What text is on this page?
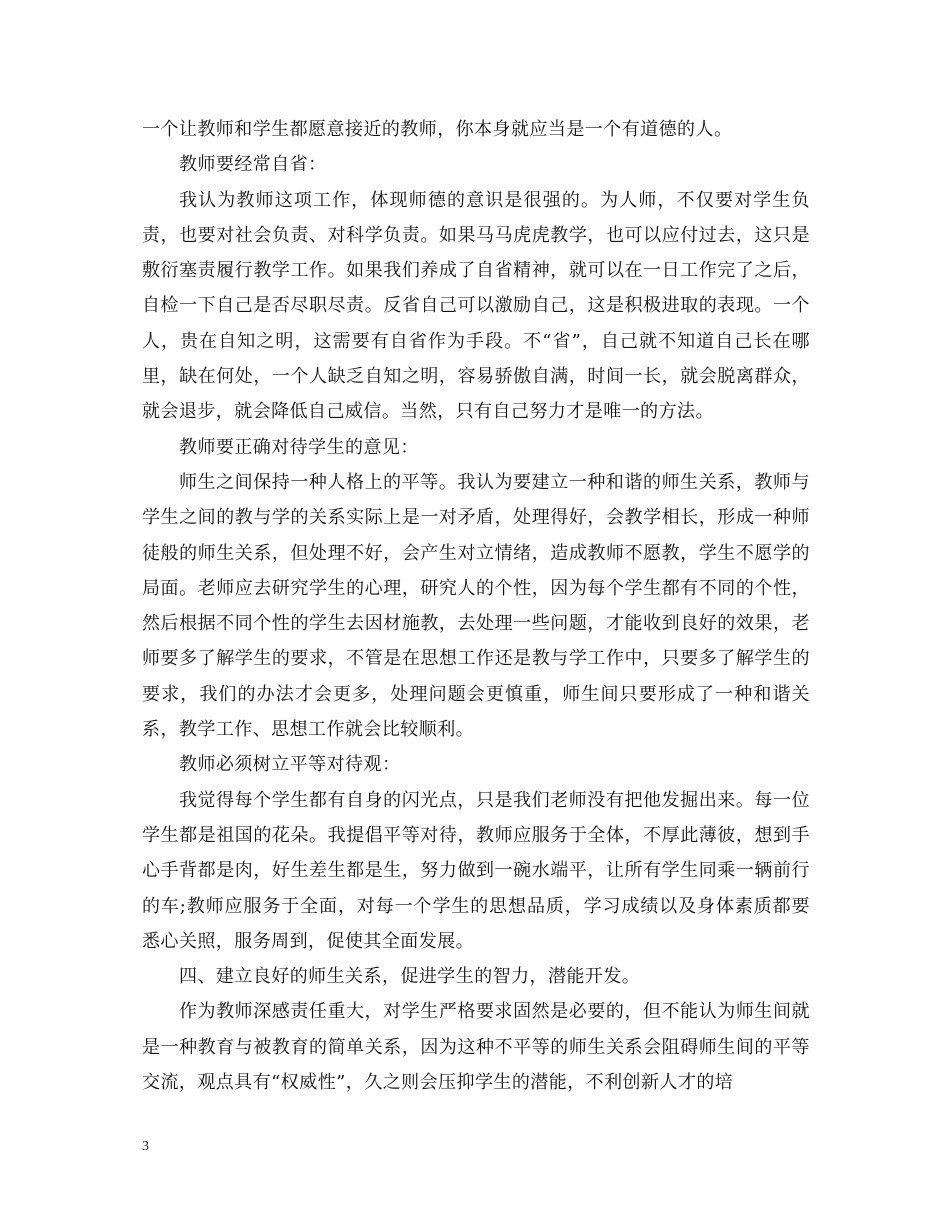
一个让教师和学生都愿意接近的教师，你本身就应当是一个有道德的人。

教师要经常自省：

我认为教师这项工作，体现师德的意识是很强的。为人师，不仅要对学生负责，也要对社会负责、对科学负责。如果马马虎虎教学，也可以应付过去，这只是敷衍塞责履行教学工作。如果我们养成了自省精神，就可以在一日工作完了之后，自检一下自己是否尽职尽责。反省自己可以激励自己，这是积极进取的表现。一个人，贵在自知之明，这需要有自省作为手段。不“省”，自己就不知道自己长在哪里，缺在何处，一个人缺乏自知之明，容易骄傲自满，时间一长，就会脱离群众，就会退步，就会降低自己威信。当然，只有自己努力才是唯一的方法。

教师要正确对待学生的意见：

师生之间保持一种人格上的平等。我认为要建立一种和谐的师生关系，教师与学生之间的教与学的关系实际上是一对矛盾，处理得好，会教学相长，形成一种师徒般的师生关系，但处理不好，会产生对立情绪，造成教师不愿教，学生不愿学的局面。老师应去研究学生的心理，研究人的个性，因为每个学生都有不同的个性，然后根据不同个性的学生去因材施教，去处理一些问题，才能收到良好的效果，老师要多了解学生的要求，不管是在思想工作还是教与学工作中，只要多了解学生的要求，我们的办法才会更多，处理问题会更慎重，师生间只要形成了一种和谐关系，教学工作、思想工作就会比较顺利。

教师必须树立平等对待观：

我觉得每个学生都有自身的闪光点，只是我们老师没有把他发掘出来。每一位学生都是祖国的花朵。我提倡平等对待，教师应服务于全体，不厚此薄彼，想到手心手背都是肉，好生差生都是生，努力做到一碗水端平，让所有学生同乘一辆前行的车;教师应服务于全面，对每一个学生的思想品质，学习成绩以及身体素质都要悉心关照，服务周到，促使其全面发展。

四、建立良好的师生关系，促进学生的智力，潜能开发。

作为教师深感责任重大，对学生严格要求固然是必要的，但不能认为师生间就是一种教育与被教育的简单关系，因为这种不平等的师生关系会阻碍师生间的平等交流，观点具有“权威性”，久之则会压抑学生的潜能，不利创新人才的培

3
